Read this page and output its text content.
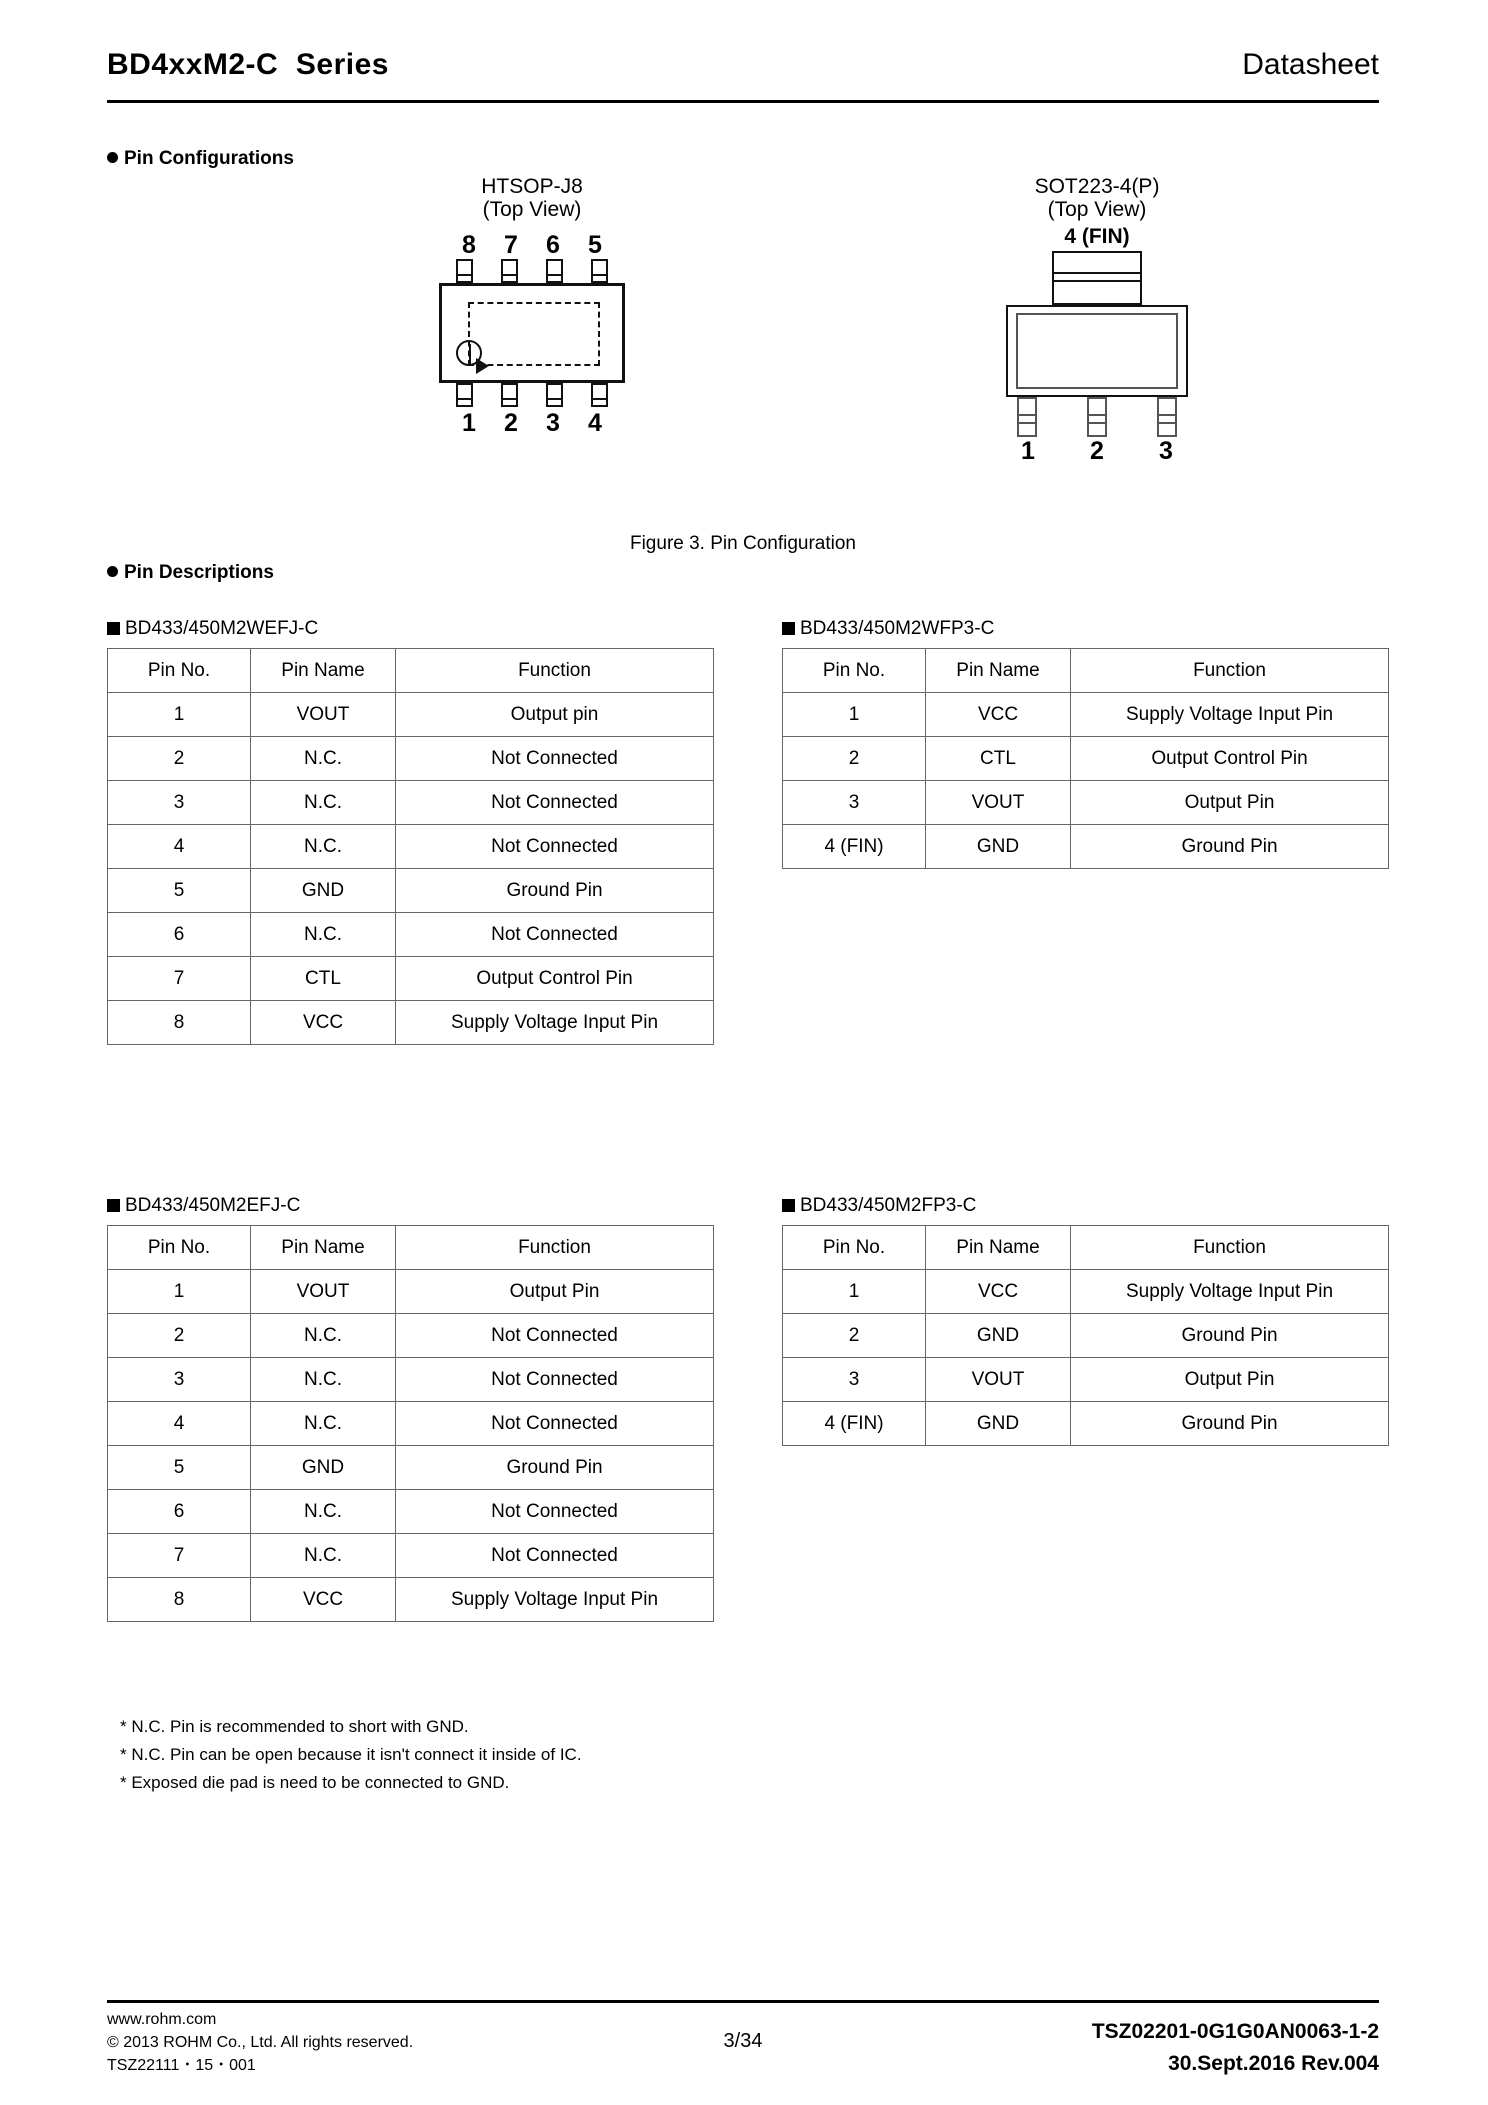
BD4xxM2-C  Series	Datasheet
Pin Configurations
HTSOP-J8
(Top View)
8 7 6 5
1 2 3 4
SOT223-4(P)
(Top View)
4 (FIN)
1 2 3
Figure 3. Pin Configuration
Pin Descriptions
BD433/450M2WEFJ-C
Pin No.	Pin Name	Function
1	VOUT	Output pin
2	N.C.	Not Connected
3	N.C.	Not Connected
4	N.C.	Not Connected
5	GND	Ground Pin
6	N.C.	Not Connected
7	CTL	Output Control Pin
8	VCC	Supply Voltage Input Pin
BD433/450M2WFP3-C
Pin No.	Pin Name	Function
1	VCC	Supply Voltage Input Pin
2	CTL	Output Control Pin
3	VOUT	Output Pin
4 (FIN)	GND	Ground Pin
BD433/450M2EFJ-C
Pin No.	Pin Name	Function
1	VOUT	Output Pin
2	N.C.	Not Connected
3	N.C.	Not Connected
4	N.C.	Not Connected
5	GND	Ground Pin
6	N.C.	Not Connected
7	N.C.	Not Connected
8	VCC	Supply Voltage Input Pin
BD433/450M2FP3-C
Pin No.	Pin Name	Function
1	VCC	Supply Voltage Input Pin
2	GND	Ground Pin
3	VOUT	Output Pin
4 (FIN)	GND	Ground Pin
* N.C. Pin is recommended to short with GND.
* N.C. Pin can be open because it isn't connect it inside of IC.
* Exposed die pad is need to be connected to GND.
www.rohm.com
© 2013 ROHM Co., Ltd. All rights reserved.
TSZ22111・15・001
3/34	TSZ02201-0G1G0AN0063-1-2
30.Sept.2016 Rev.004
